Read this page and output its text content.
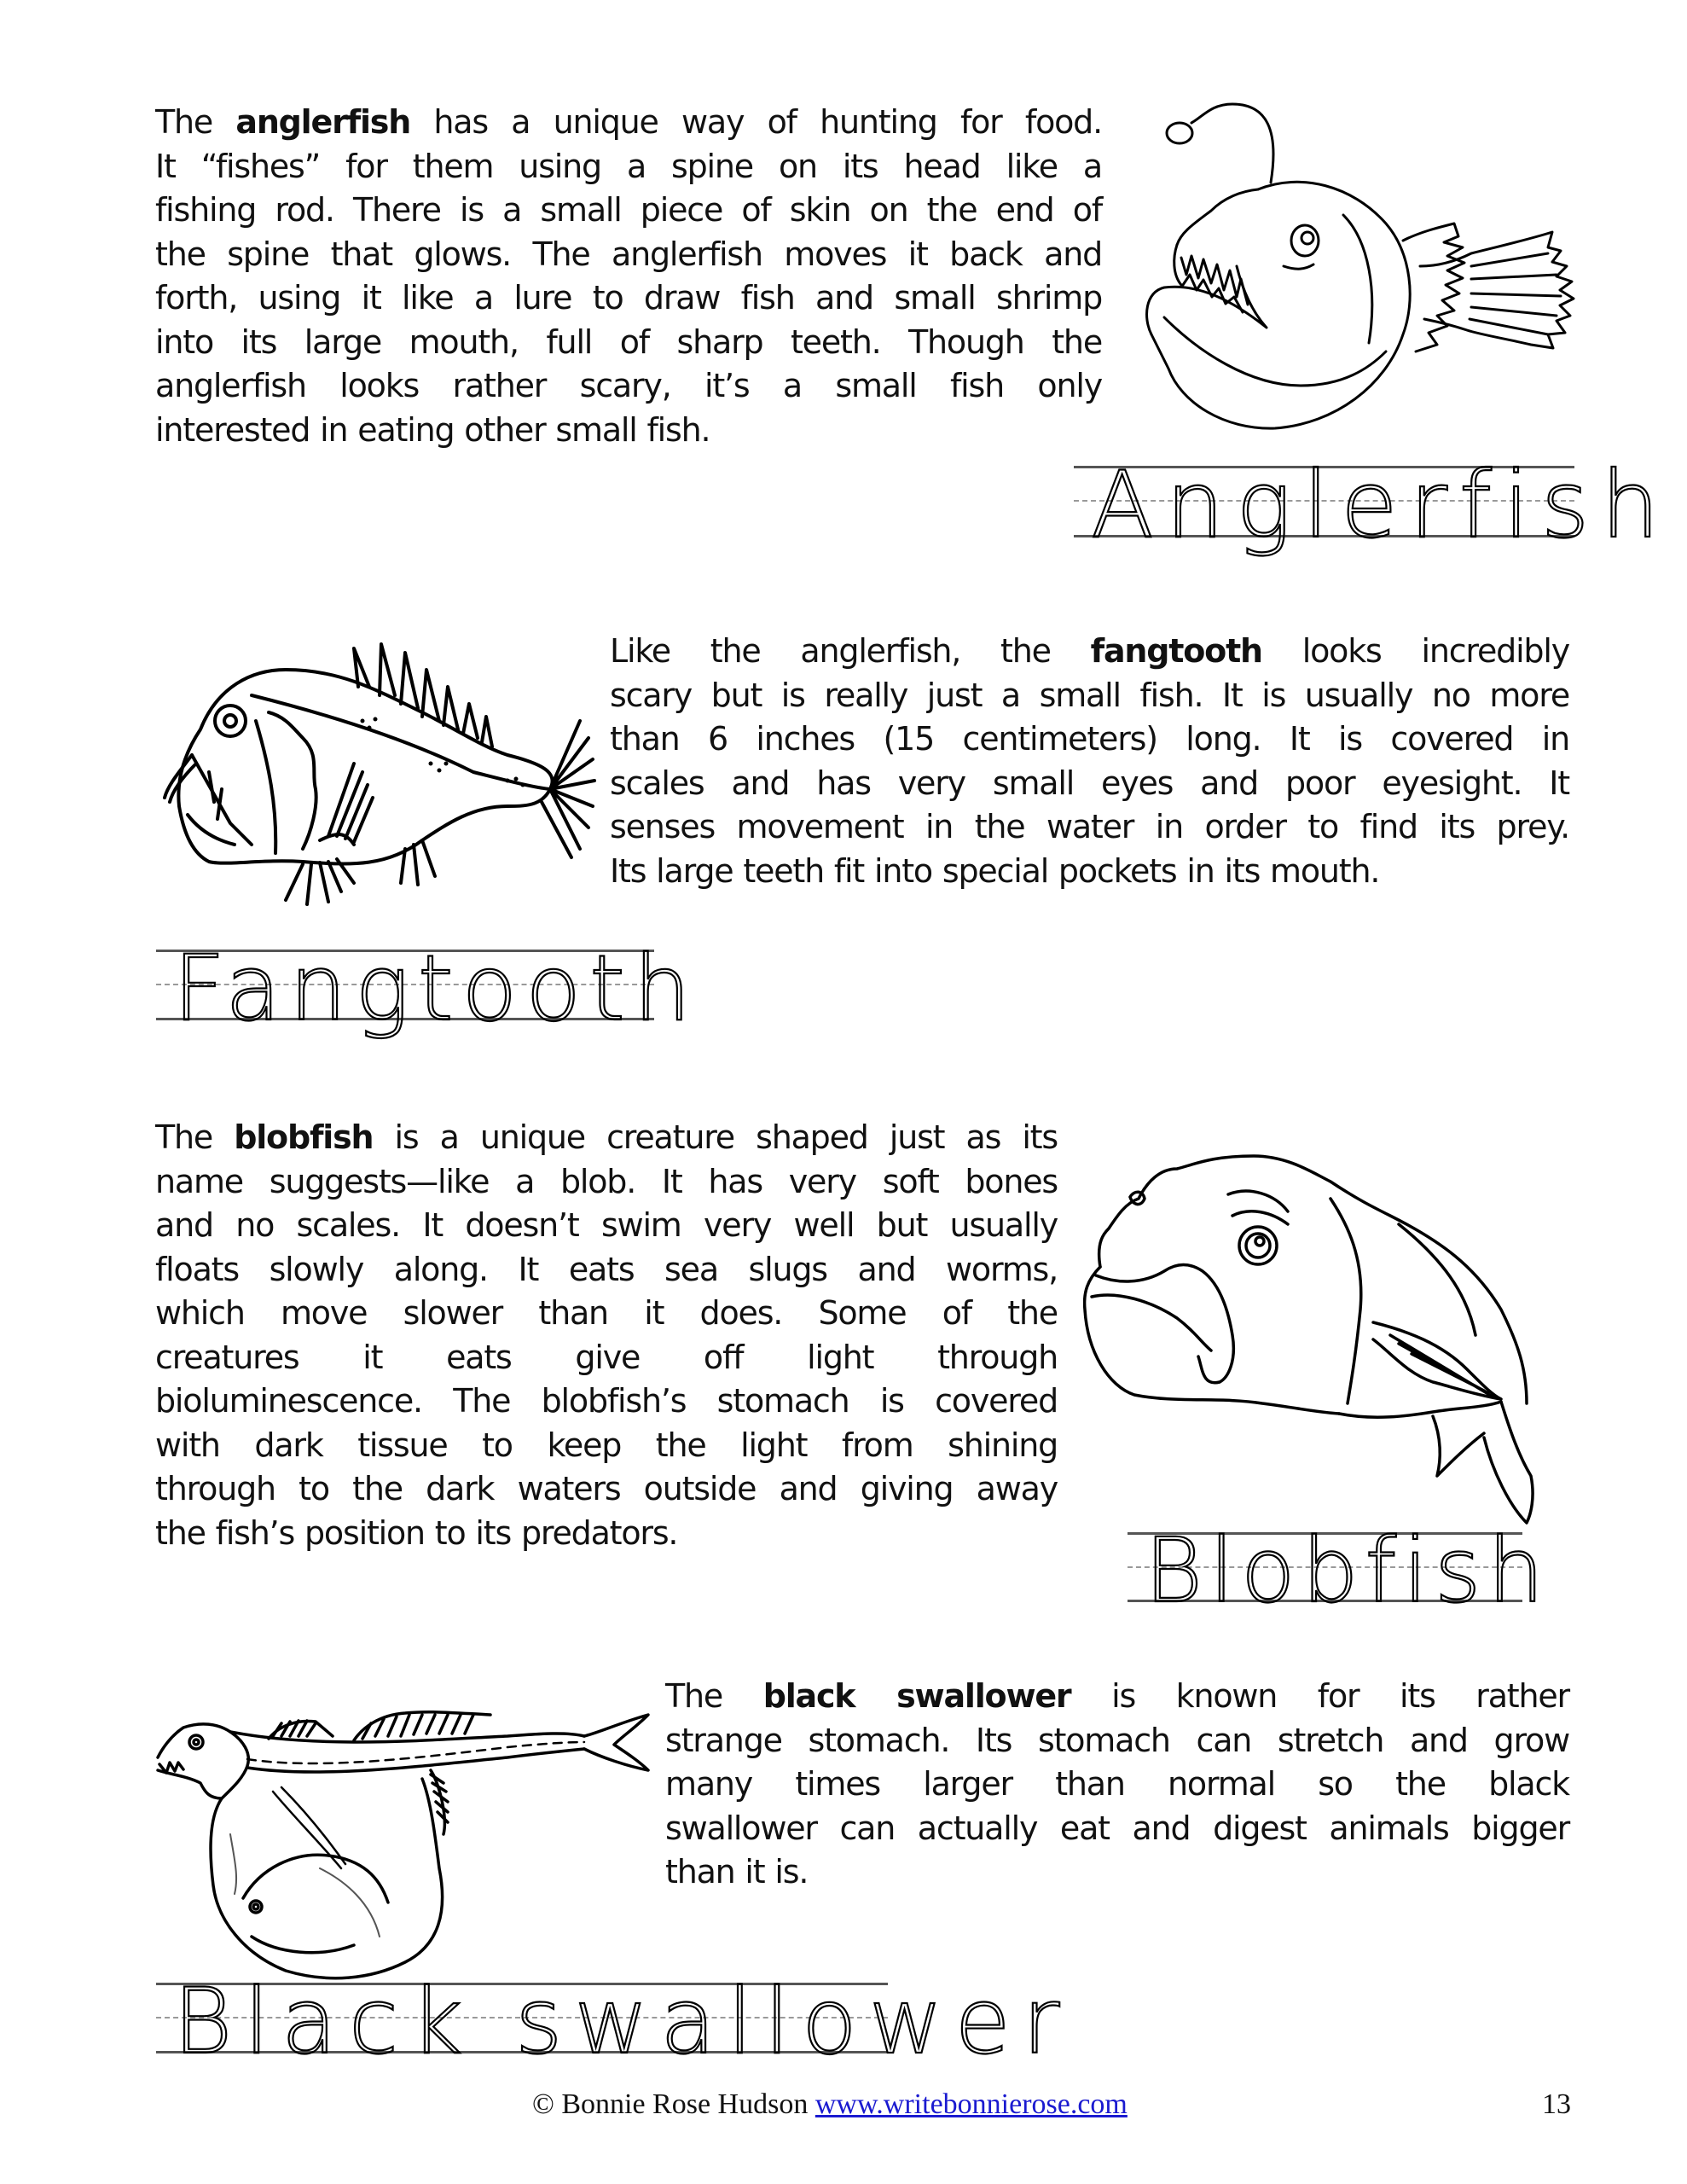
The anglerfish has a unique way of hunting for food.
It “fishes” for them using a spine on its head like a
fishing rod. There is a small piece of skin on the end of
the spine that glows. The anglerfish moves it back and
forth, using it like a lure to draw fish and small shrimp
into its large mouth, full of sharp teeth. Though the
anglerfish looks rather scary, it’s a small fish only
interested in eating other small fish.
Anglerfish
Like the anglerfish, the fangtooth looks incredibly
scary but is really just a small fish. It is usually no more
than 6 inches (15 centimeters) long. It is covered in
scales and has very small eyes and poor eyesight. It
senses movement in the water in order to find its prey.
Its large teeth fit into special pockets in its mouth.
Fangtooth
The blobfish is a unique creature shaped just as its
name suggests—like a blob. It has very soft bones
and no scales. It doesn’t swim very well but usually
floats slowly along. It eats sea slugs and worms,
which move slower than it does. Some of the
creatures it eats give off light through
bioluminescence. The blobfish’s stomach is covered
with dark tissue to keep the light from shining
through to the dark waters outside and giving away
the fish’s position to its predators.	Blobfish
The black swallower is known for its rather
strange stomach. Its stomach can stretch and grow
many times larger than normal so the black
swallower can actually eat and digest animals bigger
than it is.
Black swallower
© Bonnie Rose Hudson www.writebonnierose.com	13
